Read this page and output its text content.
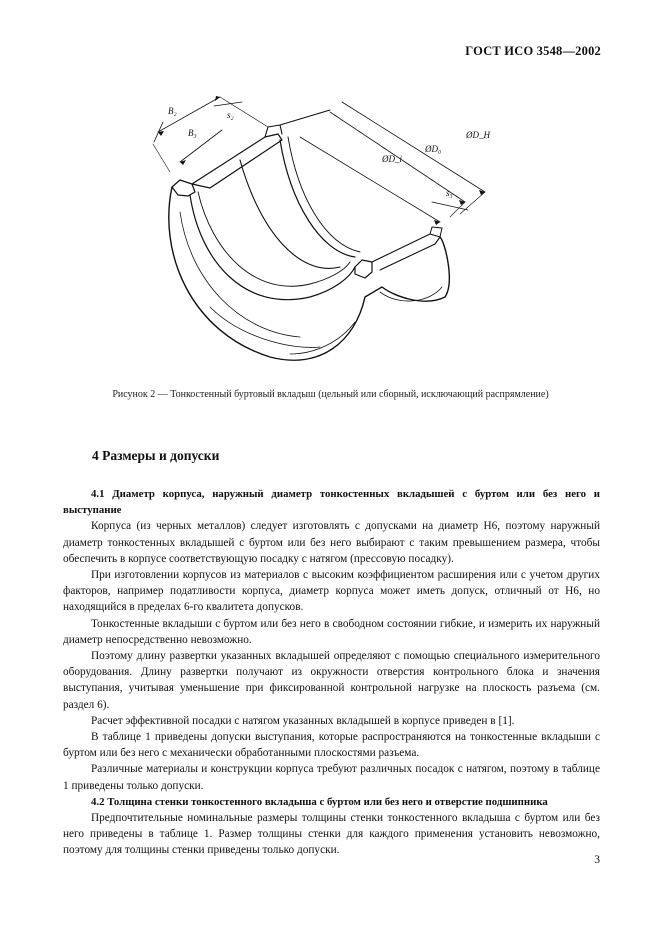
ГОСТ ИСО 3548—2002
B₂	s₂
B₃	ØD_H
ØD₀
ØD_i
s₃
Рисунок 2 — Тонкостенный буртовый вкладыш (цельный или сборный, исключающий распрямление)
4 Размеры и допуски

4.1 Диаметр корпуса, наружный диаметр тонкостенных вкладышей с буртом или без него и выступание

Корпуса (из черных металлов) следует изготовлять с допусками на диаметр Н6, поэтому наружный диаметр тонкостенных вкладышей с буртом или без него выбирают с таким превышением размера, чтобы обеспечить в корпусе соответствующую посадку с натягом (прессовую посадку).

При изготовлении корпусов из материалов с высоким коэффициентом расширения или с учетом других факторов, например податливости корпуса, диаметр корпуса может иметь допуск, отличный от Н6, но находящийся в пределах 6-го квалитета допусков.

Тонкостенные вкладыши с буртом или без него в свободном состоянии гибкие, и измерить их наружный диаметр непосредственно невозможно.

Поэтому длину развертки указанных вкладышей определяют с помощью специального измерительного оборудования. Длину развертки получают из окружности отверстия контрольного блока и значения выступания, учитывая уменьшение при фиксированной контрольной нагрузке на плоскость разъема (см. раздел 6).

Расчет эффективной посадки с натягом указанных вкладышей в корпусе приведен в [1].

В таблице 1 приведены допуски выступания, которые распространяются на тонкостенные вкладыши с буртом или без него с механически обработанными плоскостями разъема.

Различные материалы и конструкции корпуса требуют различных посадок с натягом, поэтому в таблице 1 приведены только допуски.

4.2 Толщина стенки тонкостенного вкладыша с буртом или без него и отверстие подшипника

Предпочтительные номинальные размеры толщины стенки тонкостенного вкладыша с буртом или без него приведены в таблице 1. Размер толщины стенки для каждого применения установить невозможно, поэтому для толщины стенки приведены только допуски.

3
